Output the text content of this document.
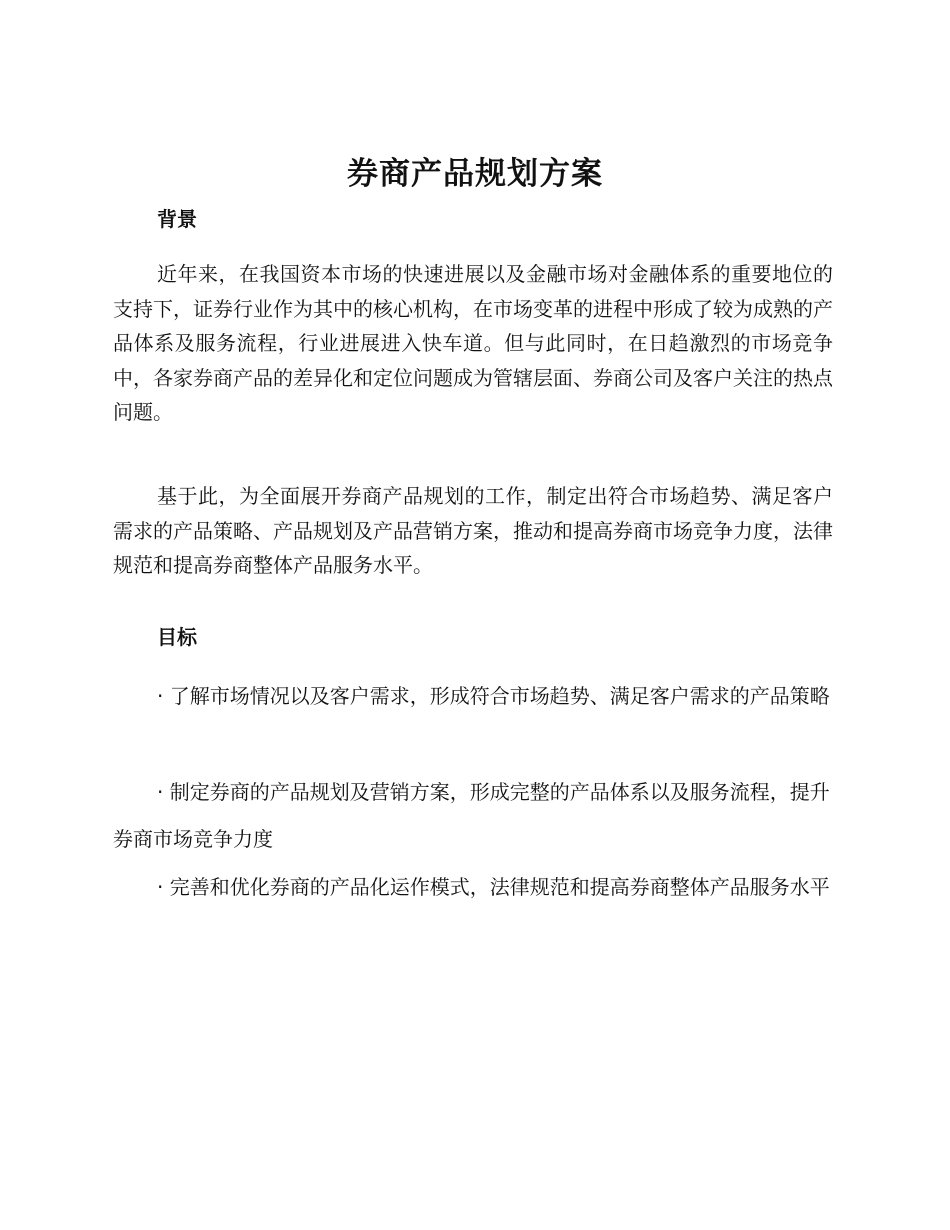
券商产品规划方案
背景

近年来，在我国资本市场的快速进展以及金融市场对金融体系的重要地位的支持下，证券行业作为其中的核心机构，在市场变革的进程中形成了较为成熟的产品体系及服务流程，行业进展进入快车道。但与此同时，在日趋激烈的市场竞争中，各家券商产品的差异化和定位问题成为管辖层面、券商公司及客户关注的热点问题。

基于此，为全面展开券商产品规划的工作，制定出符合市场趋势、满足客户需求的产品策略、产品规划及产品营销方案，推动和提高券商市场竞争力度，法律规范和提高券商整体产品服务水平。

目标

· 了解市场情况以及客户需求，形成符合市场趋势、满足客户需求的产品策略

· 制定券商的产品规划及营销方案，形成完整的产品体系以及服务流程，提升券商市场竞争力度

· 完善和优化券商的产品化运作模式，法律规范和提高券商整体产品服务水平
